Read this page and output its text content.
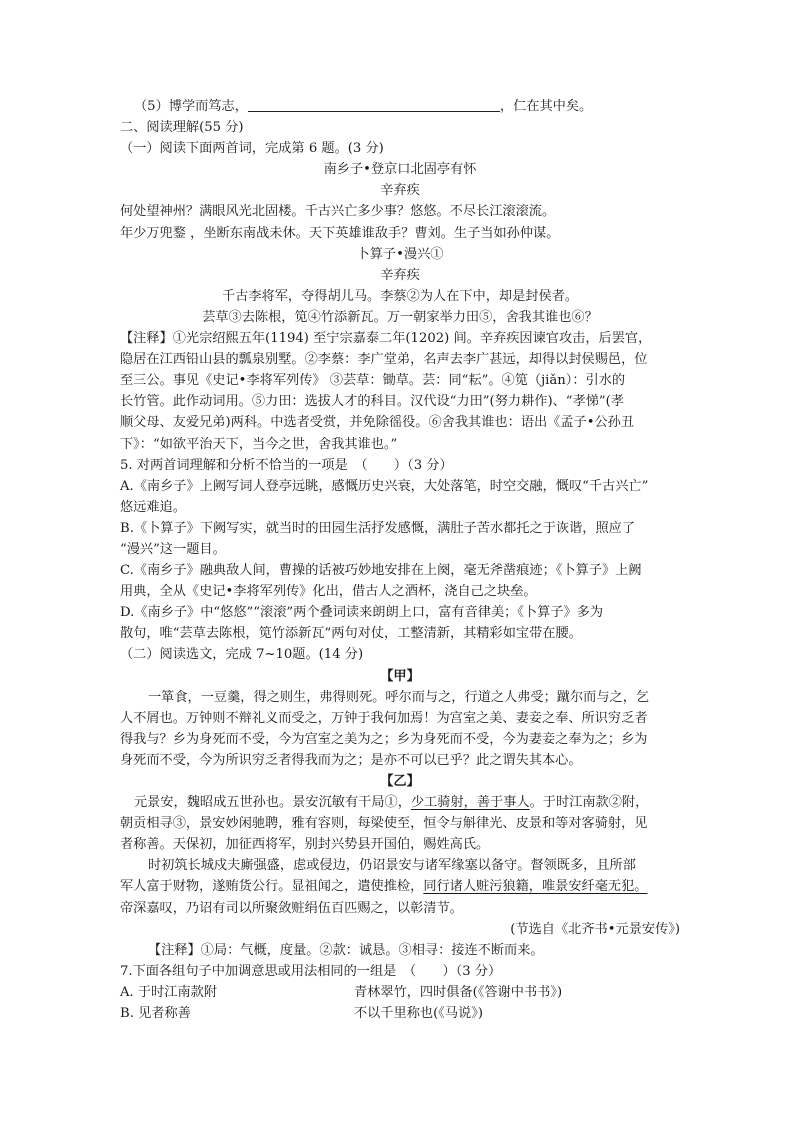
（5）博学而笃志，	，仁在其中矣。
二、阅读理解(55 分)
（一）阅读下面两首词，完成第 6 题。(3 分)
南乡子•登京口北固亭有怀
辛弃疾
何处望神州？满眼风光北固楼。千古兴亡多少事？悠悠。不尽长江滚滚流。
年少万兜鍪 ，坐断东南战未休。天下英雄谁敌手？曹刘。生子当如孙仲谋。
卜算子•漫兴①
辛弃疾
千古李将军，夺得胡儿马。李蔡②为人在下中，却是封侯者。
芸草③去陈根，笕④竹添新瓦。万一朝家举力田⑤，舍我其谁也⑥？
【注释】①光宗绍熙五年(1194) 至宁宗嘉泰二年(1202) 间。辛弃疾因谏官攻击，后罢官，
隐居在江西铅山县的瓢泉别墅。②李蔡：李广堂弟，名声去李广甚远，却得以封侯赐邑，位
至三公。事见《史记•李将军列传》 ③芸草：锄草。芸：同“耘”。④笕（jiǎn）：引水的
长竹管。此作动词用。⑤力田：选拔人才的科目。汉代设“力田”(努力耕作)、“孝悌”(孝
顺父母、友爱兄弟)两科。中选者受赏，并免除徭役。⑥舍我其谁也：语出《孟子•公孙丑
下》：“如欲平治天下，当今之世，舍我其谁也。”
5. 对两首词理解和分析不恰当的一项是　（　　）（3 分）
A.《南乡子》上阙写词人登亭远眺，感慨历史兴衰，大处落笔，时空交融，慨叹“千古兴亡”
悠远难追。
B.《卜算子》下阙写实，就当时的田园生活抒发感慨，满肚子苦水都托之于诙谐，照应了
“漫兴”这一题目。
C.《南乡子》融典敌人间，曹操的话被巧妙地安排在上阕，毫无斧凿痕迹；《卜算子》上阙
用典，全从《史记•李将军列传》化出，借古人之酒杯，浇自己之块垒。
D.《南乡子》中“悠悠”“滚滚”两个叠词读来朗朗上口，富有音律美；《卜算子》多为
散句，唯“芸草去陈根，笕竹添新瓦”两句对仗，工整清新，其精彩如宝带在腰。
（二）阅读选文，完成 7~10题。(14 分)
【甲】
一箪食，一豆羹，得之则生，弗得则死。呼尔而与之，行道之人弗受；蹴尔而与之，乞
人不屑也。万钟则不辩礼义而受之，万钟于我何加焉！为宫室之美、妻妾之奉、所识穷乏者
得我与？乡为身死而不受，今为宫室之美为之；乡为身死而不受，今为妻妾之奉为之；乡为
身死而不受，今为所识穷乏者得我而为之；是亦不可以已乎？此之谓失其本心。
【乙】
元景安，魏昭成五世孙也。景安沉敏有干局①，少工骑射，善于事人。于时江南款②附，
朝贡相寻③，景安妙闲驰聘，雅有容则，每梁使至，恒令与斛律光、皮景和等对客骑射，见
者称善。天保初，加征西将军，别封兴势县开国伯，赐姓高氏。
时初筑长城戍夫廝强盛，虑或侵边，仍诏景安与诸军缘塞以备守。督领既多，且所部
军人富于财物，遂贿货公行。显祖闻之，遣使推检，同行诸人赃污狼籍，唯景安纤毫无犯。
帝深嘉叹，乃诏有司以所聚敛赃绢伍百匹赐之，以彰清节。
(节选自《北齐书•元景安传》)
【注释】①局：气概，度量。②款：诚恳。③相寻：接连不断而来。
7.下面各组句子中加调意思或用法相同的一组是　（　　）（3 分）
A. 于时江南款附	青林翠竹，四时俱备(《答谢中书书》)
B. 见者称善	不以千里称也(《马说》)
